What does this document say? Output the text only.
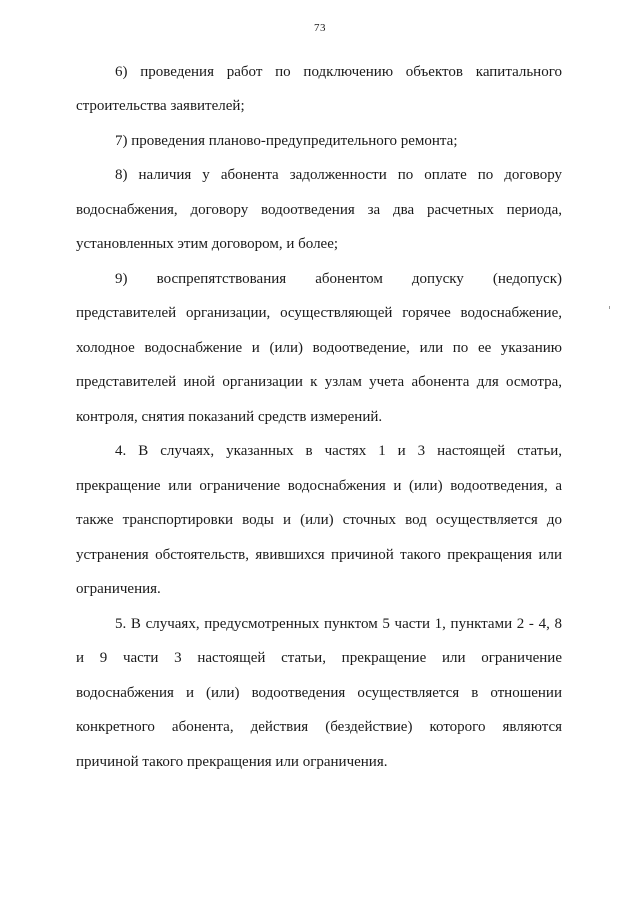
73
6) проведения работ по подключению объектов капитального
строительства заявителей;
7) проведения планово-предупредительного ремонта;
8) наличия у абонента задолженности по оплате по договору
водоснабжения, договору водоотведения за два расчетных периода,
установленных этим договором, и более;
9) воспрепятствования абонентом допуску (недопуск)
представителей организации, осуществляющей горячее водоснабжение,
холодное водоснабжение и (или) водоотведение, или по ее указанию
представителей иной организации к узлам учета абонента для осмотра,
контроля, снятия показаний средств измерений.
4. В случаях, указанных в частях 1 и 3 настоящей статьи,
прекращение или ограничение водоснабжения и (или) водоотведения, а
также транспортировки воды и (или) сточных вод осуществляется до
устранения обстоятельств, явившихся причиной такого прекращения или
ограничения.
5. В случаях, предусмотренных пунктом 5 части 1, пунктами 2 - 4, 8
и 9 части 3 настоящей статьи, прекращение или ограничение
водоснабжения и (или) водоотведения осуществляется в отношении
конкретного абонента, действия (бездействие) которого являются
причиной такого прекращения или ограничения.
